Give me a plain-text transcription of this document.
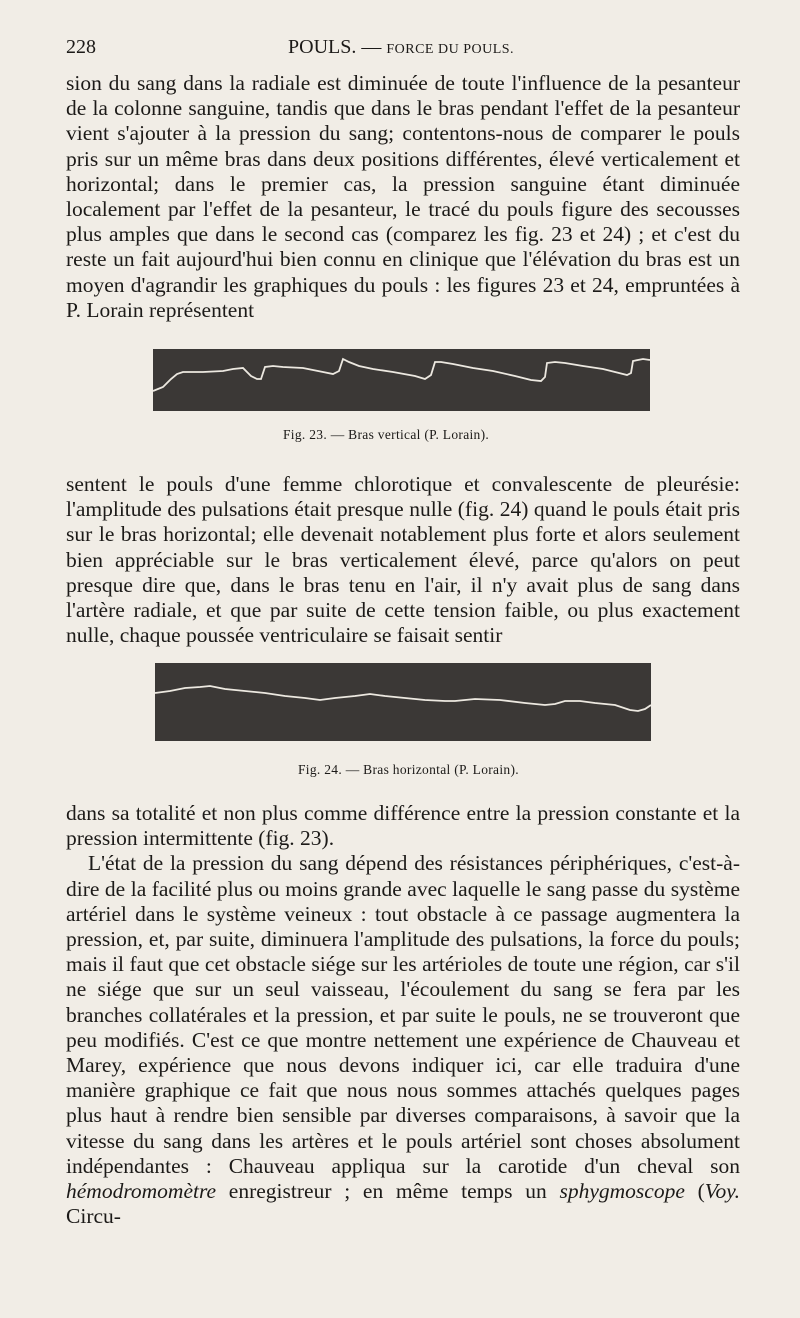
228	POULS. — FORCE DU POULS.

sion du sang dans la radiale est diminuée de toute l'influence de la pesanteur de la colonne sanguine, tandis que dans le bras pendant l'effet de la pesanteur vient s'ajouter à la pression du sang; contentons-nous de comparer le pouls pris sur un même bras dans deux positions différentes, élevé verticalement et horizontal; dans le premier cas, la pression sanguine étant diminuée localement par l'effet de la pesanteur, le tracé du pouls figure des secousses plus amples que dans le second cas (comparez les fig. 23 et 24) ; et c'est du reste un fait aujourd'hui bien connu en clinique que l'élévation du bras est un moyen d'agrandir les graphiques du pouls : les figures 23 et 24, empruntées à P. Lorain représentent

Fig. 23. — Bras vertical (P. Lorain).

sentent le pouls d'une femme chlorotique et convalescente de pleurésie: l'amplitude des pulsations était presque nulle (fig. 24) quand le pouls était pris sur le bras horizontal; elle devenait notablement plus forte et alors seulement bien appréciable sur le bras verticalement élevé, parce qu'alors on peut presque dire que, dans le bras tenu en l'air, il n'y avait plus de sang dans l'artère radiale, et que par suite de cette tension faible, ou plus exactement nulle, chaque poussée ventriculaire se faisait sentir

Fig. 24. — Bras horizontal (P. Lorain).

dans sa totalité et non plus comme différence entre la pression constante et la pression intermittente (fig. 23).

L'état de la pression du sang dépend des résistances périphériques, c'est-à-dire de la facilité plus ou moins grande avec laquelle le sang passe du système artériel dans le système veineux : tout obstacle à ce passage augmentera la pression, et, par suite, diminuera l'amplitude des pulsations, la force du pouls; mais il faut que cet obstacle siége sur les artérioles de toute une région, car s'il ne siége que sur un seul vaisseau, l'écoulement du sang se fera par les branches collatérales et la pression, et par suite le pouls, ne se trouveront que peu modifiés. C'est ce que montre nettement une expérience de Chauveau et Marey, expérience que nous devons indiquer ici, car elle traduira d'une manière graphique ce fait que nous nous sommes attachés quelques pages plus haut à rendre bien sensible par diverses comparaisons, à savoir que la vitesse du sang dans les artères et le pouls artériel sont choses absolument indépendantes : Chauveau appliqua sur la carotide d'un cheval son hémodromomètre enregistreur ; en même temps un sphygmoscope (Voy. Circu-
